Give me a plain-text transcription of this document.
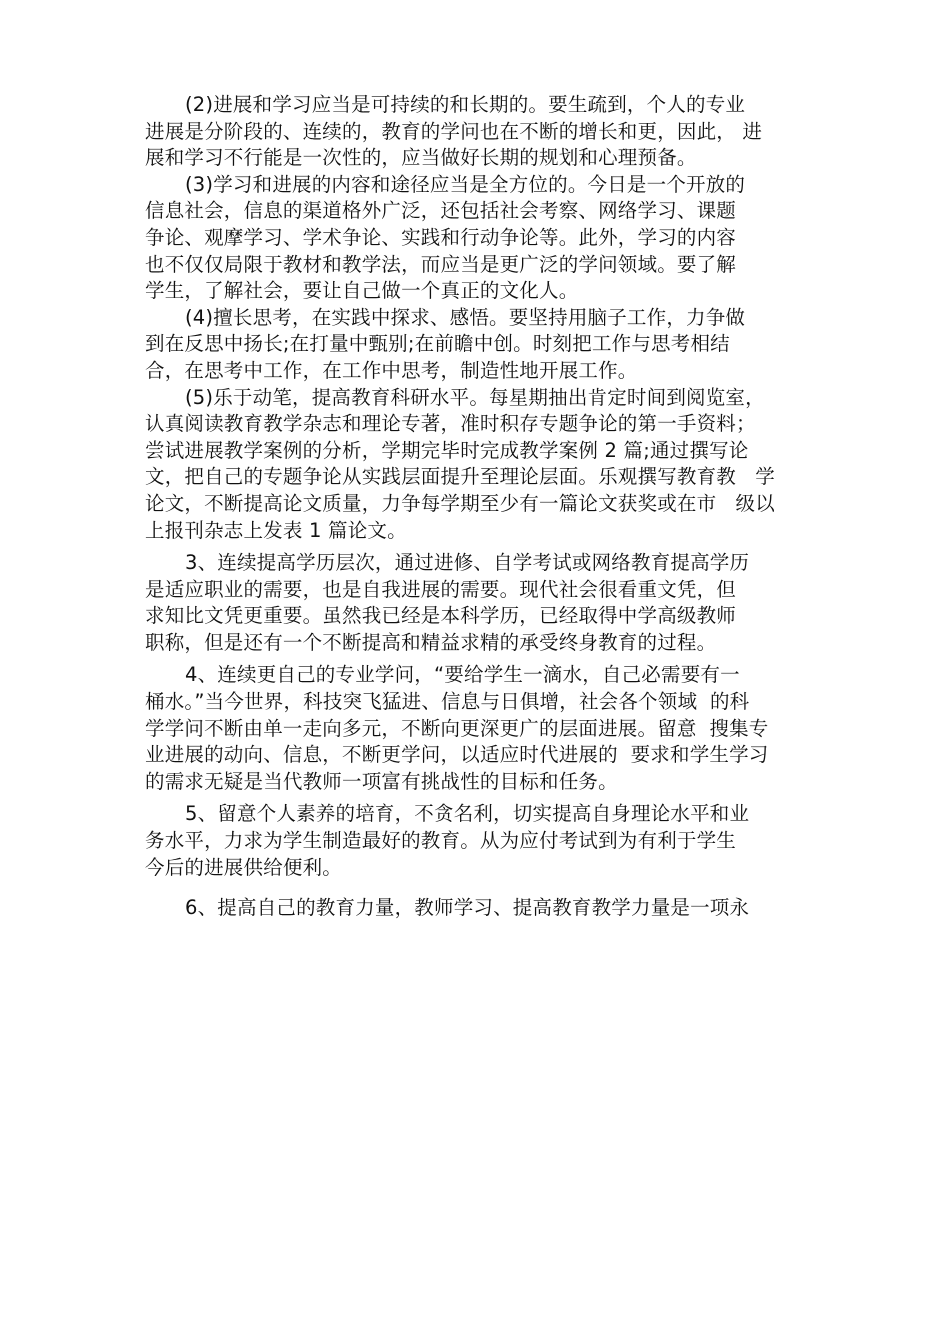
(2)进展和学习应当是可持续的和长期的。要生疏到，个人的专业
进展是分阶段的、连续的，教育的学问也在不断的增长和更，因此， 进
展和学习不行能是一次性的，应当做好长期的规划和心理预备。
(3)学习和进展的内容和途径应当是全方位的。今日是一个开放的
信息社会，信息的渠道格外广泛，还包括社会考察、网络学习、课题
争论、观摩学习、学术争论、实践和行动争论等。此外，学习的内容
也不仅仅局限于教材和教学法，而应当是更广泛的学问领域。要了解
学生，了解社会，要让自己做一个真正的文化人。
(4)擅长思考，在实践中探求、感悟。要坚持用脑子工作，力争做
到在反思中扬长;在打量中甄别;在前瞻中创。时刻把工作与思考相结
合，在思考中工作，在工作中思考，制造性地开展工作。
(5)乐于动笔，提高教育科研水平。每星期抽出肯定时间到阅览室，
认真阅读教育教学杂志和理论专著，准时积存专题争论的第一手资料；
尝试进展教学案例的分析，学期完毕时完成教学案例 2 篇;通过撰写论
文，把自己的专题争论从实践层面提升至理论层面。乐观撰写教育教   学
论文，不断提高论文质量，力争每学期至少有一篇论文获奖或在市   级以
上报刊杂志上发表 1 篇论文。
3、连续提高学历层次，通过进修、自学考试或网络教育提高学历
是适应职业的需要，也是自我进展的需要。现代社会很看重文凭，但
求知比文凭更重要。虽然我已经是本科学历，已经取得中学高级教师
职称，但是还有一个不断提高和精益求精的承受终身教育的过程。
4、连续更自己的专业学问，“要给学生一滴水，自己必需要有一
桶水。”当今世界，科技突飞猛进、信息与日俱增，社会各个领域  的科
学学问不断由单一走向多元，不断向更深更广的层面进展。留意  搜集专
业进展的动向、信息，不断更学问，以适应时代进展的  要求和学生学习
的需求无疑是当代教师一项富有挑战性的目标和任务。
5、留意个人素养的培育，不贪名利，切实提高自身理论水平和业
务水平，力求为学生制造最好的教育。从为应付考试到为有利于学生
今后的进展供给便利。
6、提高自己的教育力量，教师学习、提高教育教学力量是一项永
